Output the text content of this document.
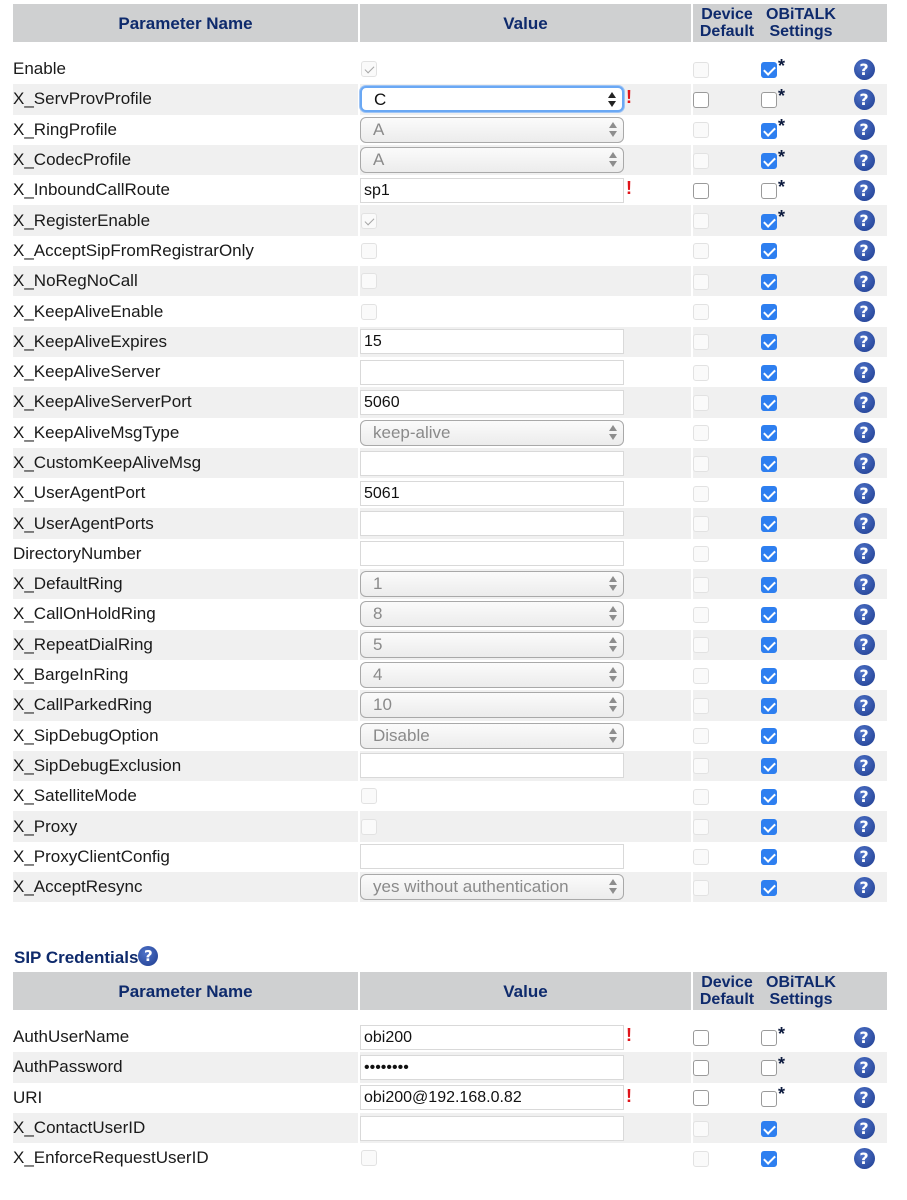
Parameter Name		Value		Device
Default	OBiTALK
Settings	

Enable					*	?
X_ServProvProfile		C !			*	?
X_RingProfile		A			*	?
X_CodecProfile		A			*	?
X_InboundCallRoute		sp1 !			*	?
X_RegisterEnable					*	?
X_AcceptSipFromRegistrarOnly						?
X_NoRegNoCall						?
X_KeepAliveEnable						?
X_KeepAliveExpires		15				?
X_KeepAliveServer						?
X_KeepAliveServerPort		5060				?
X_KeepAliveMsgType		keep-alive				?
X_CustomKeepAliveMsg						?
X_UserAgentPort		5061				?
X_UserAgentPorts						?
DirectoryNumber						?
X_DefaultRing		1				?
X_CallOnHoldRing		8				?
X_RepeatDialRing		5				?
X_BargeInRing		4				?
X_CallParkedRing		10				?
X_SipDebugOption		Disable				?
X_SipDebugExclusion						?
X_SatelliteMode						?
X_Proxy						?
X_ProxyClientConfig						?
X_AcceptResync		yes without authentication				?
SIP Credentials ?
Parameter Name		Value		Device
Default	OBiTALK
Settings	

AuthUserName		obi200 !			*	?
AuthPassword		••••••••			*	?
URI		obi200@192.168.0.82 !			*	?
X_ContactUserID						?
X_EnforceRequestUserID						?
